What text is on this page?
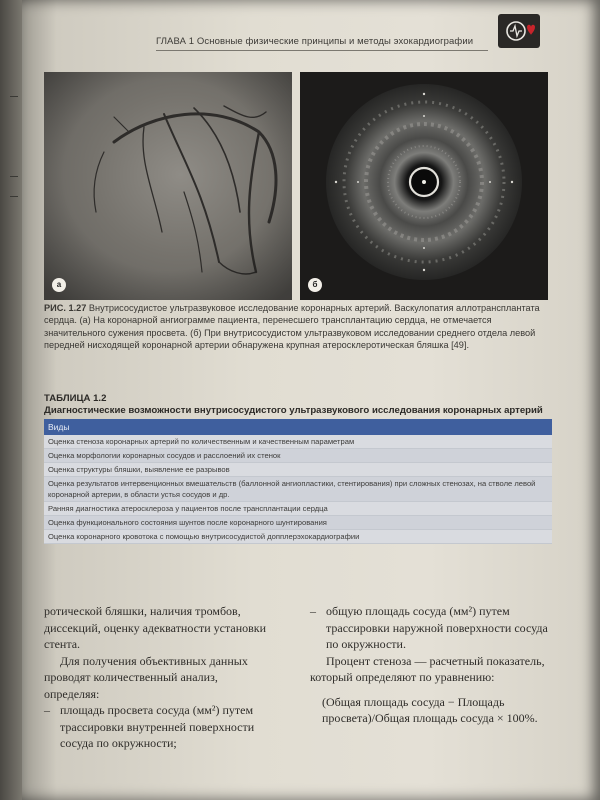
ГЛАВА 1 Основные физические принципы и методы эхокардиографии
а	б
РИС. 1.27 Внутрисосудистое ультразвуковое исследование коронарных артерий. Васкулопатия аллотрансплантата сердца. (а) На коронарной ангиограмме пациента, перенесшего трансплантацию сердца, не отмечается значительного сужения просвета. (б) При внутрисосудистом ультразвуковом исследовании среднего отдела левой передней нисходящей коронарной артерии обнаружена крупная атеросклеротическая бляшка [49].
ТАБЛИЦА 1.2
Диагностические возможности внутрисосудистого ультразвукового исследования коронарных артерий
Виды
Оценка стеноза коронарных артерий по количественным и качественным параметрам
Оценка морфологии коронарных сосудов и расслоений их стенок
Оценка структуры бляшки, выявление ее разрывов
Оценка результатов интервенционных вмешательств (баллонной ангиопластики, стентирования) при сложных стенозах, на стволе левой коронарной артерии, в области устья сосудов и др.
Ранняя диагностика атеросклероза у пациентов после трансплантации сердца
Оценка функционального состояния шунтов после коронарного шунтирования
Оценка коронарного кровотока с помощью внутрисосудистой допплерэхокардиографии

ротической бляшки, наличия тромбов, диссекций, оценку адекватности установки стента.

Для получения объективных данных проводят количественный анализ, определяя:

– площадь просвета сосуда (мм²) путем трассировки внутренней поверхности сосуда по окружности;

– общую площадь сосуда (мм²) путем трассировки наружной поверхности сосуда по окружности.

Процент стеноза — расчетный показатель, который определяют по уравнению:

(Общая площадь сосуда − Площадь просвета)/Общая площадь сосуда × 100%.
